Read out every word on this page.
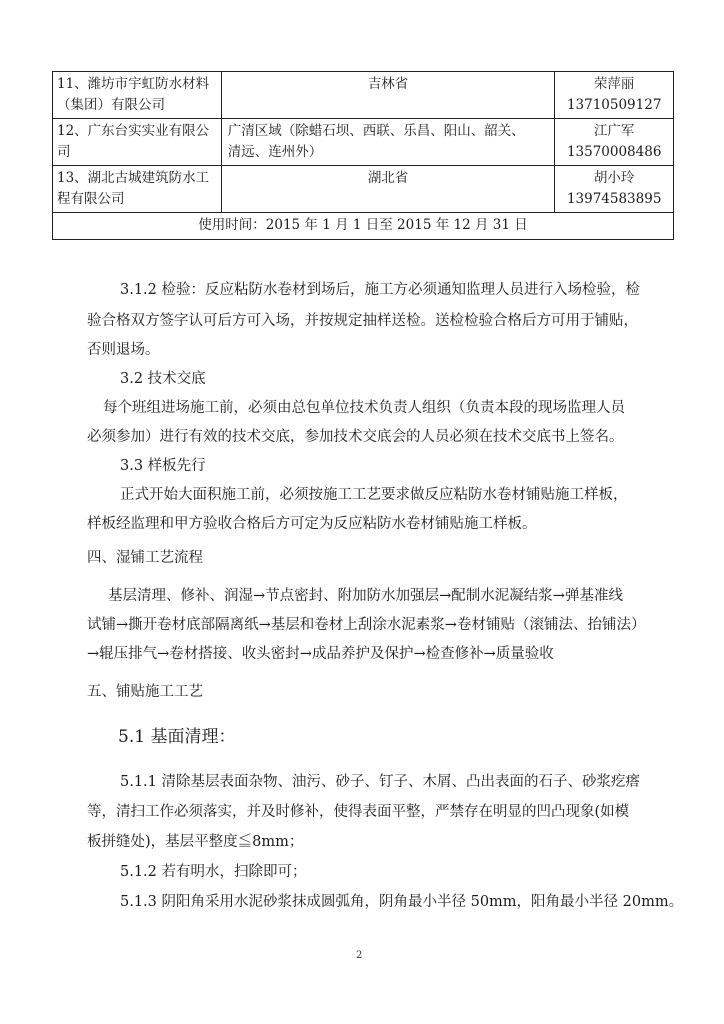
11、潍坊市宇虹防水材料
（集团）有限公司	吉林省	荣萍丽
13710509127

12、广东台实实业有限公
司	广清区域（除蜡石坝、西联、乐昌、阳山、韶关、
清远、连州外）	江广军
13570008486

13、湖北古城建筑防水工
程有限公司	湖北省	胡小玲
13974583895

使用时间：2015 年 1 月 1 日至 2015 年 12 月 31 日		
3.1.2 检验：反应粘防水卷材到场后，施工方必须通知监理人员进行入场检验，检
验合格双方签字认可后方可入场，并按规定抽样送检。送检检验合格后方可用于铺贴，
否则退场。
3.2 技术交底
每个班组进场施工前，必须由总包单位技术负责人组织（负责本段的现场监理人员
必须参加）进行有效的技术交底，参加技术交底会的人员必须在技术交底书上签名。
3.3 样板先行
正式开始大面积施工前，必须按施工工艺要求做反应粘防水卷材铺贴施工样板，
样板经监理和甲方验收合格后方可定为反应粘防水卷材铺贴施工样板。
四、湿铺工艺流程
基层清理、修补、润湿→节点密封、附加防水加强层→配制水泥凝结浆→弹基准线
试铺→撕开卷材底部隔离纸→基层和卷材上刮涂水泥素浆→卷材铺贴（滚铺法、抬铺法）
→辊压排气→卷材搭接、收头密封→成品养护及保护→检查修补→质量验收
五、铺贴施工工艺
5.1 基面清理：
5.1.1 清除基层表面杂物、油污、砂子、钉子、木屑、凸出表面的石子、砂浆疙瘩
等，清扫工作必须落实，并及时修补，使得表面平整，严禁存在明显的凹凸现象(如模
板拼缝处)，基层平整度≦8mm；
5.1.2 若有明水，扫除即可；
5.1.3 阴阳角采用水泥砂浆抹成圆弧角，阴角最小半径 50mm，阳角最小半径 20mm。
2
